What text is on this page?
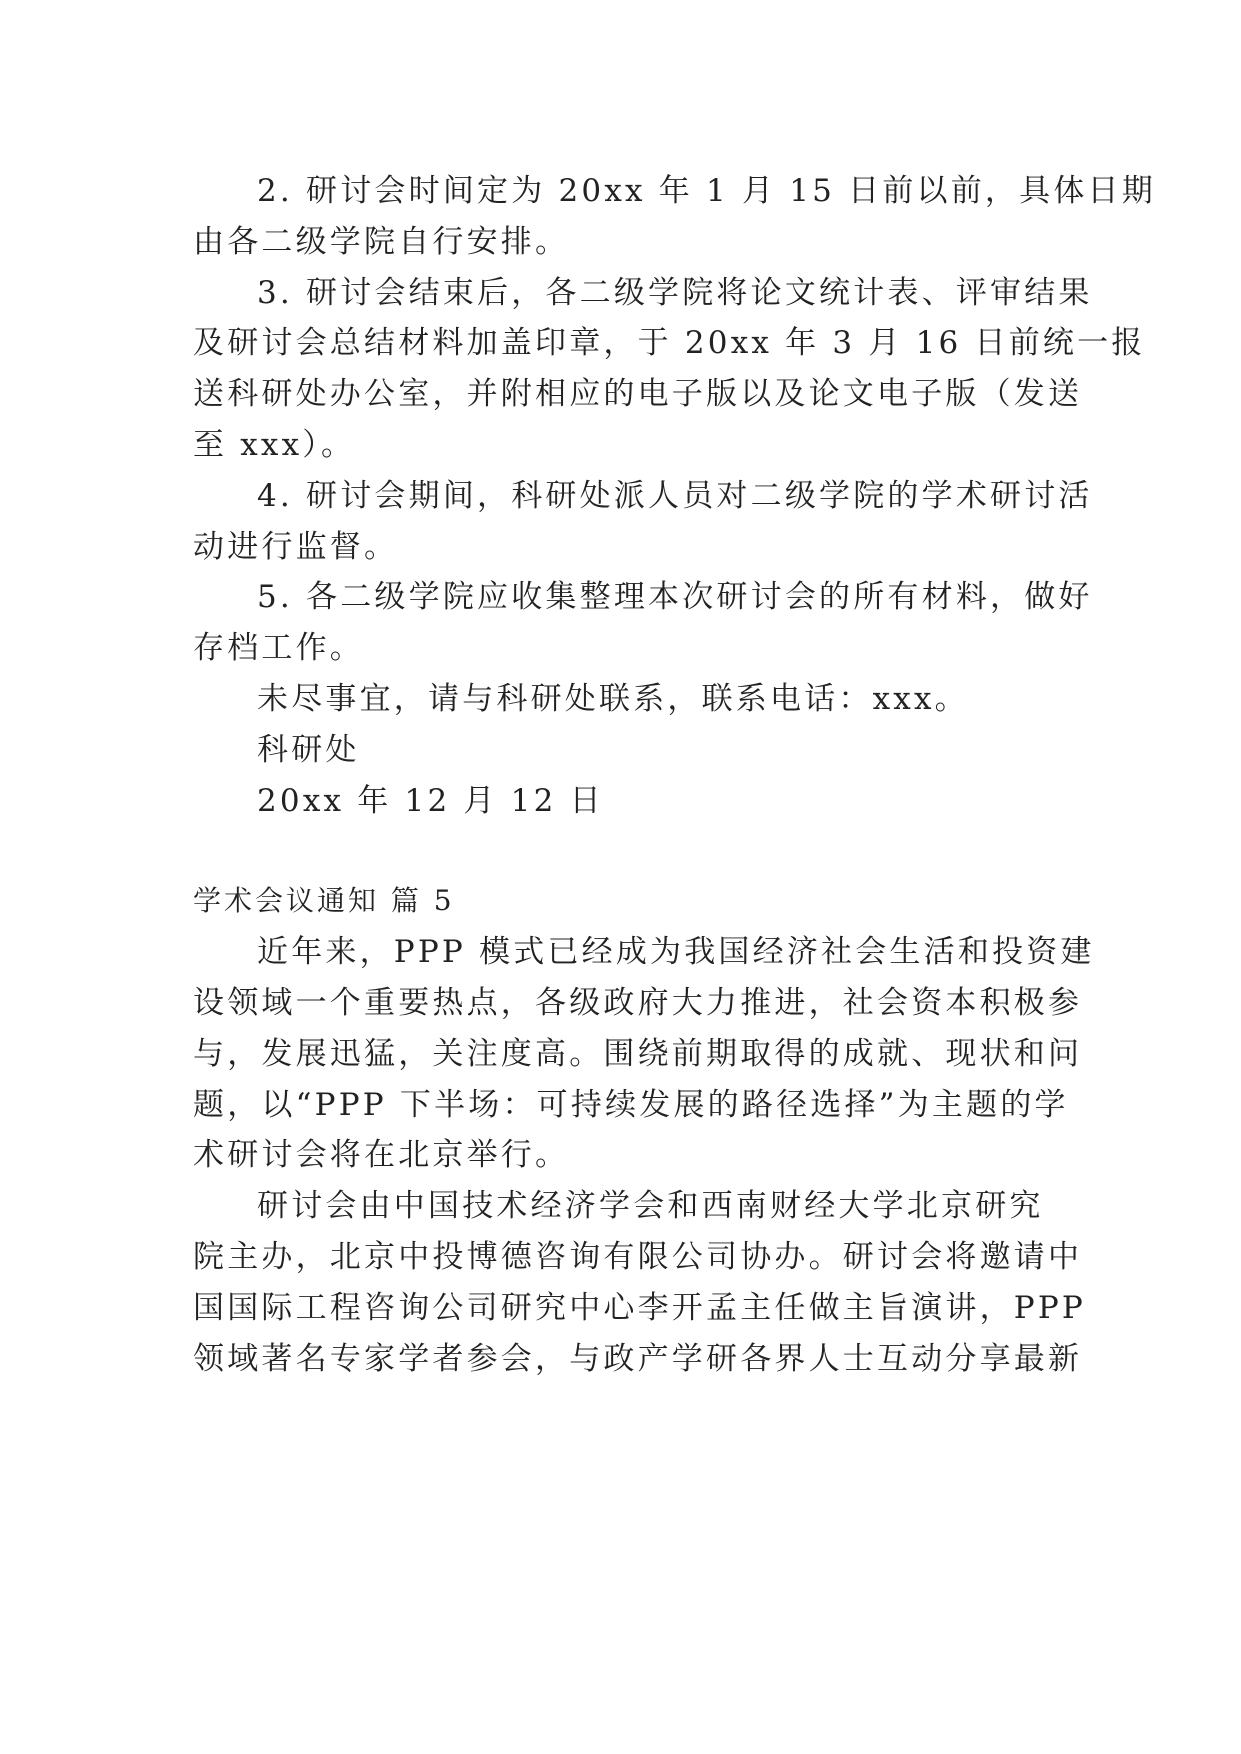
2. 研讨会时间定为 20xx 年 1 月 15 日前以前，具体日期
由各二级学院自行安排。

3. 研讨会结束后，各二级学院将论文统计表、评审结果
及研讨会总结材料加盖印章，于 20xx 年 3 月 16 日前统一报
送科研处办公室，并附相应的电子版以及论文电子版（发送
至 xxx）。

4. 研讨会期间，科研处派人员对二级学院的学术研讨活
动进行监督。

5. 各二级学院应收集整理本次研讨会的所有材料，做好
存档工作。

未尽事宜，请与科研处联系，联系电话：xxx。

科研处

20xx 年 12 月 12 日

学术会议通知 篇 5

近年来，PPP 模式已经成为我国经济社会生活和投资建
设领域一个重要热点，各级政府大力推进，社会资本积极参
与，发展迅猛，关注度高。围绕前期取得的成就、现状和问
题，以“PPP 下半场：可持续发展的路径选择”为主题的学
术研讨会将在北京举行。

研讨会由中国技术经济学会和西南财经大学北京研究
院主办，北京中投博德咨询有限公司协办。研讨会将邀请中
国国际工程咨询公司研究中心李开孟主任做主旨演讲，PPP
领域著名专家学者参会，与政产学研各界人士互动分享最新
